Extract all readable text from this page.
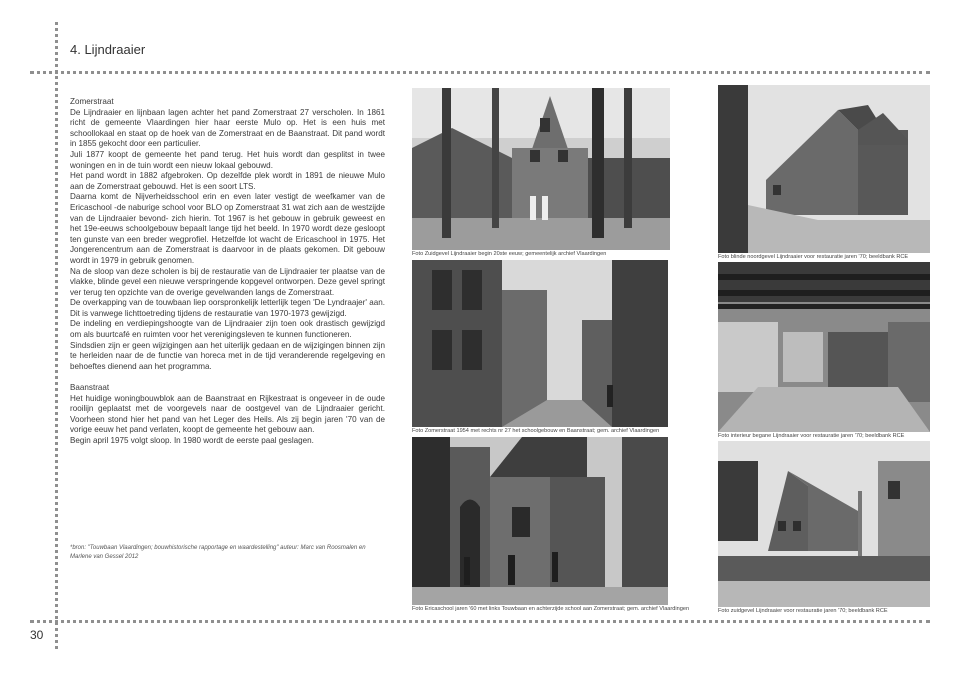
4. Lijndraaier
30

Zomerstraat

De Lijndraaier en lijnbaan lagen achter het pand Zomerstraat 27 verscholen. In 1861 richt de gemeente Vlaardingen hier haar eerste Mulo op. Het is een huis met schoollokaal en staat op de hoek van de Zomerstraat en de Baanstraat. Dit pand wordt in 1855 gekocht door een particulier.

Juli 1877 koopt de gemeente het pand terug. Het huis wordt dan gesplitst in twee woningen en in de tuin wordt een nieuw lokaal gebouwd.

Het pand wordt in 1882 afgebroken. Op dezelfde plek wordt in 1891 de nieuwe Mulo aan de Zomerstraat gebouwd. Het is een soort LTS.

Daarna komt de Nijverheidsschool erin en even later vestigt de weefkamer van de Ericaschool -de naburige school voor BLO op Zomerstraat 31 wat zich aan de westzijde van de Lijndraaier bevond- zich hierin. Tot 1967 is het gebouw in gebruik geweest en het 19e-eeuws schoolgebouw bepaalt lange tijd het beeld. In 1970 wordt deze gesloopt ten gunste van een breder wegprofiel. Hetzelfde lot wacht de Ericaschool in 1975. Het Jongerencentrum aan de Zomerstraat is daarvoor in de plaats gekomen. Dit gebouw wordt in 1979 in gebruik genomen.

Na de sloop van deze scholen is bij de restauratie van de Lijndraaier ter plaatse van de vlakke, blinde gevel een nieuwe verspringende kopgevel ontworpen. Deze gevel springt ver terug ten opzichte van de overige gevelwanden langs de Zomerstraat.

De overkapping van de touwbaan liep oorspronkelijk letterlijk tegen 'De Lyndraajer' aan. Dit is vanwege lichttoetreding tijdens de restauratie van 1970-1973 gewijzigd.

De indeling en verdiepingshoogte van de Lijndraaier zijn toen ook drastisch gewijzigd om als buurtcafé en ruimten voor het verenigingsleven te kunnen functioneren.

Sindsdien zijn er geen wijzigingen aan het uiterlijk gedaan en de wijzigingen binnen zijn te herleiden naar de de functie van horeca met in de tijd veranderende regelgeving en behoeftes dienend aan het programma.

Baanstraat

Het huidige woningbouwblok aan de Baanstraat en Rijkestraat is ongeveer in de oude rooilijn geplaatst met de voorgevels naar de oostgevel van de Lijndraaier gericht. Voorheen stond hier het pand van het Leger des Heils. Als zij begin jaren '70 van de vorige eeuw het pand verlaten, koopt de gemeente het gebouw aan.

Begin april 1975 volgt sloop. In 1980 wordt de eerste paal geslagen.

*bron: "Touwbaan Vlaardingen; bouwhistorische rapportage en waardestelling" auteur: Marc van Roosmalen en Marlene van Gessel 2012
Foto Zuidgevel Lijndraaier begin 20ste eeuw; gemeentelijk archief Vlaardingen	Foto blinde noordgevel Lijndraaier voor restauratie jaren '70; beeldbank RCE
Foto Zomerstraat 1954 met rechts nr 27 het schoolgebouw en Baanstraat; gem. archief Vlaardingen
Foto interieur begane Lijndraaier voor restauratie jaren '70; beeldbank RCE
Foto Ericaschool jaren '60 met links Touwbaan en achterzijde school aan Zomerstraat; gem. archief Vlaardingen	Foto zuidgevel Lijndraaier voor restauratie jaren '70; beeldbank RCE
